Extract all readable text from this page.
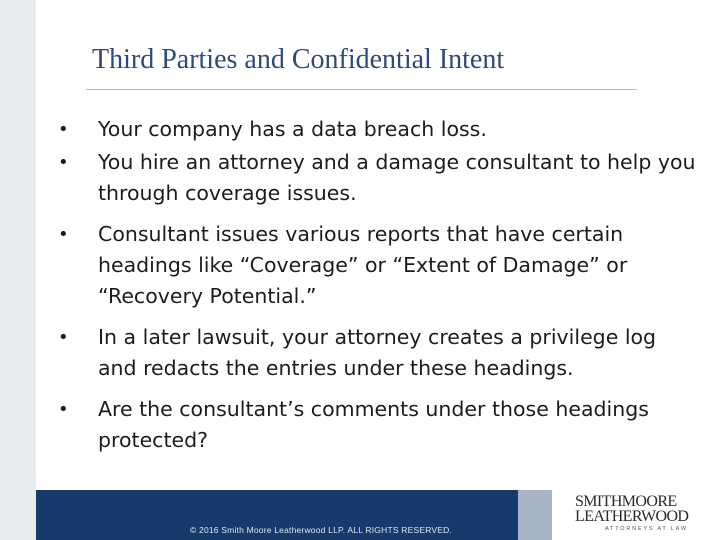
Third Parties and Confidential Intent
•	Your company has a data breach loss.
•	You hire an attorney and a damage consultant to help you through coverage issues.
•	Consultant issues various reports that have certain headings like “Coverage” or “Extent of Damage” or “Recovery Potential.”
•	In a later lawsuit, your attorney creates a privilege log and redacts the entries under these headings.
•	Are the consultant’s comments under those headings protected?
© 2016 Smith Moore Leatherwood LLP. ALL RIGHTS RESERVED.
SMITHMOORE
LEATHERWOOD
ATTORNEYS AT LAW
